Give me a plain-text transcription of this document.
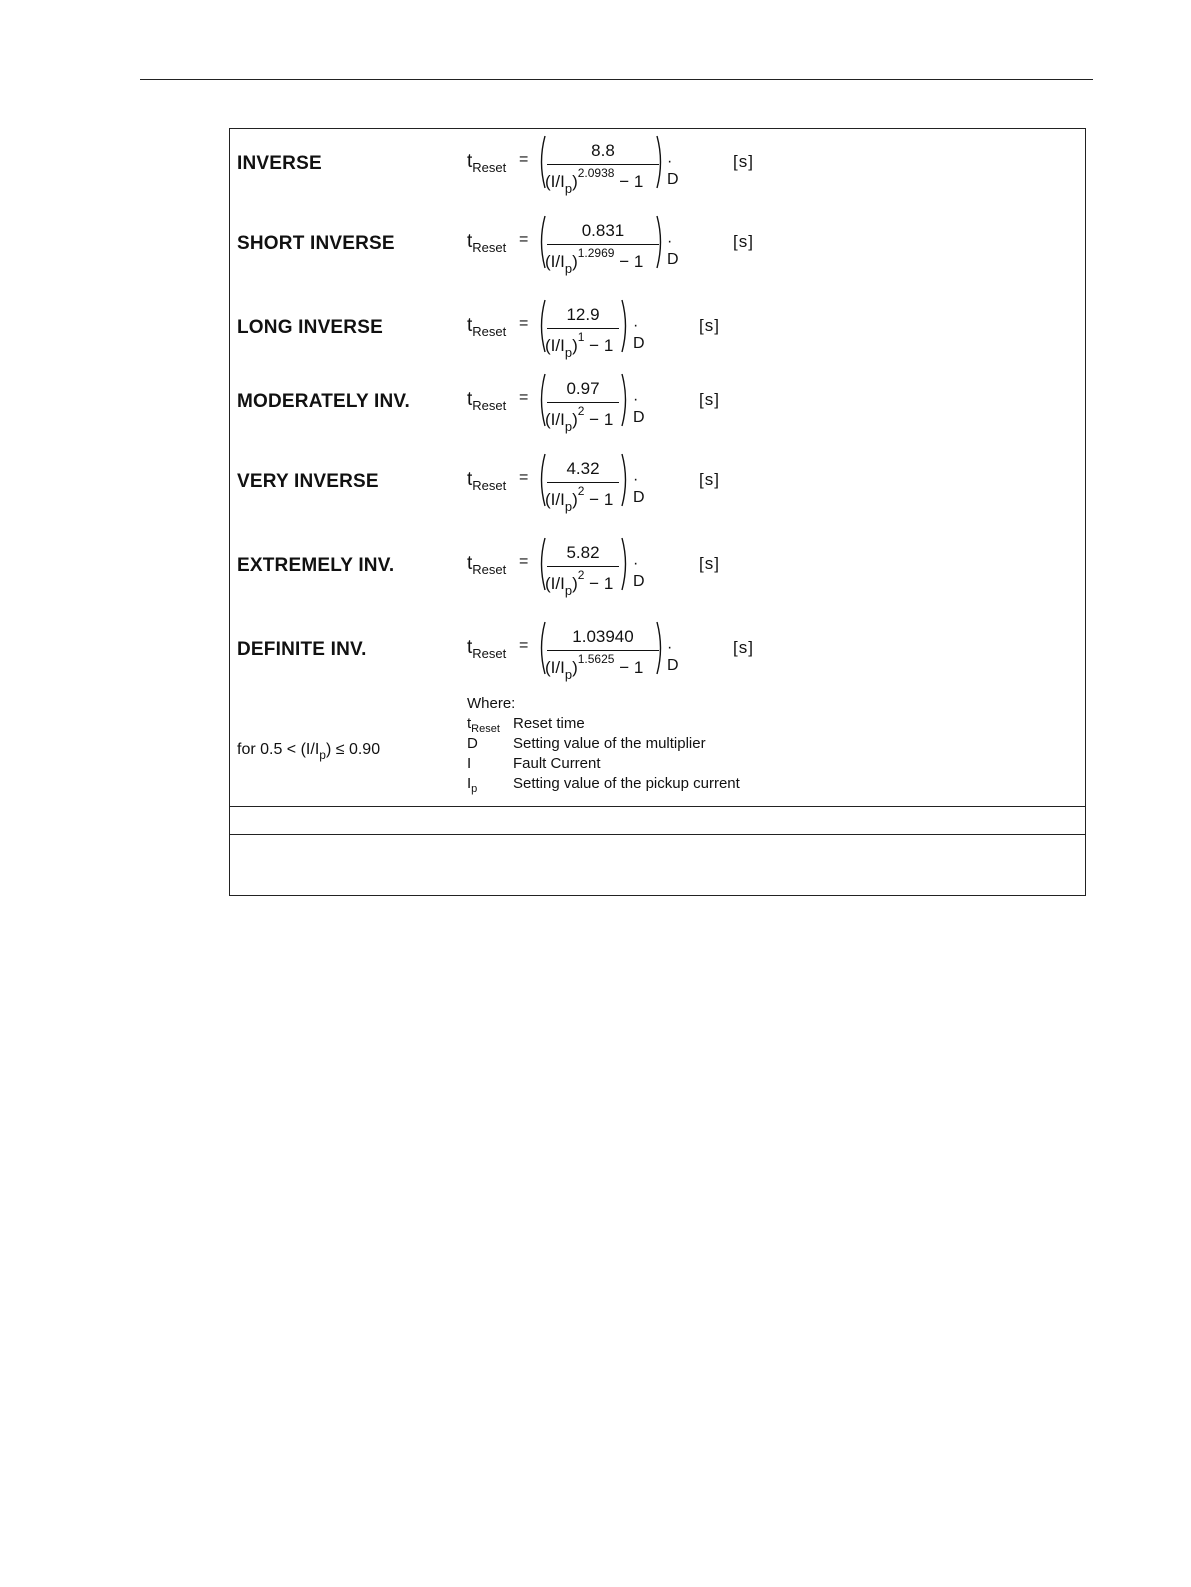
INVERSE	$t_{Reset}$ =	8.8
$(I/I_p)^{2.0938} - 1$
· D
[s]
SHORT INVERSE	$t_{Reset}$ =	0.831
$(I/I_p)^{1.2969} - 1$
· D
[s]
LONG INVERSE	$t_{Reset}$ =	12.9
$(I/I_p)^1 - 1$
· D
[s]
MODERATELY INV.	$t_{Reset}$ =	0.97
$(I/I_p)^2 - 1$
· D
[s]
VERY INVERSE	$t_{Reset}$ =	4.32
$(I/I_p)^2 - 1$
· D
[s]
EXTREMELY INV.	$t_{Reset}$ =	5.82
$(I/I_p)^2 - 1$
· D
[s]
DEFINITE INV.	$t_{Reset}$ =	1.03940
$(I/I_p)^{1.5625} - 1$
· D
[s]
for $0.5 < (I/I_p) \le 0.90$
Where:
$t_{Reset}$ Reset time
D Setting value of the multiplier
I	Fault Current
$I_p$ Setting value of the pickup current
